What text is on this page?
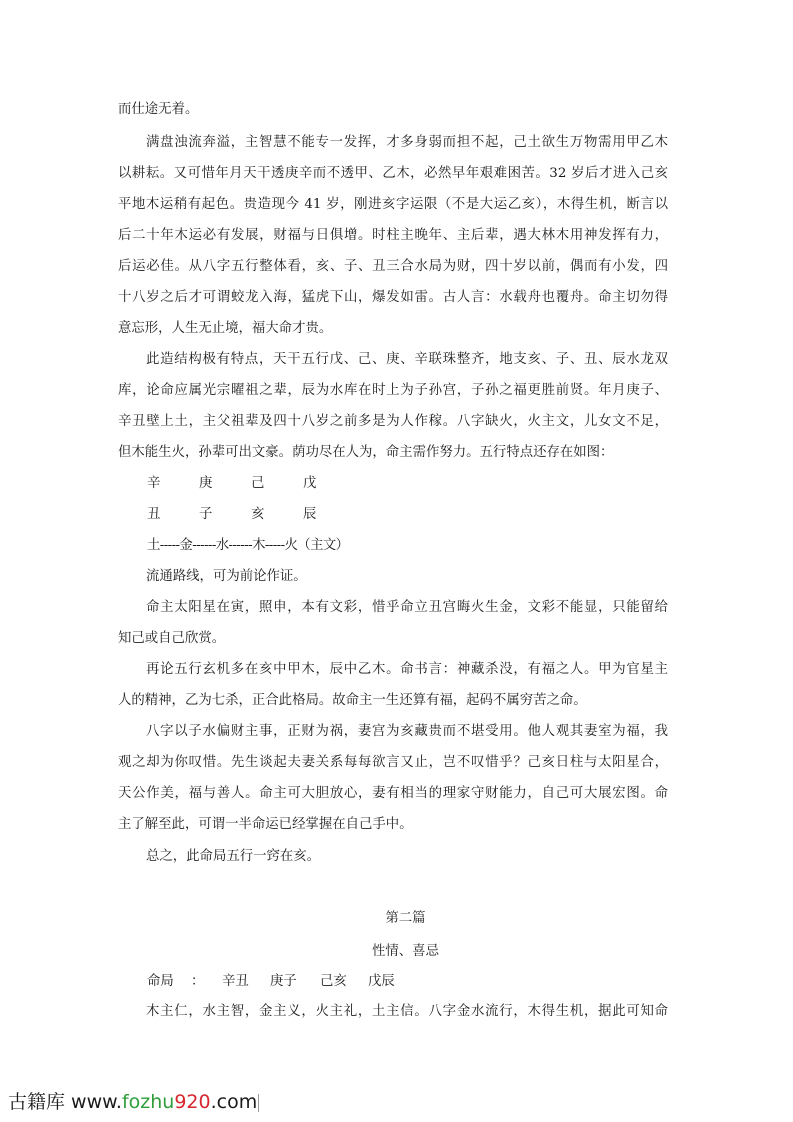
而仕途无着。
满盘浊流奔溢，主智慧不能专一发挥，才多身弱而担不起，己土欲生万物需用甲乙木
以耕耘。又可惜年月天干透庚辛而不透甲、乙木，必然早年艰难困苦。32 岁后才进入己亥
平地木运稍有起色。贵造现今 41 岁，刚进亥字运限（不是大运乙亥），木得生机，断言以
后二十年木运必有发展，财福与日俱增。时柱主晚年、主后辈，遇大林木用神发挥有力，
后运必佳。从八字五行整体看，亥、子、丑三合水局为财，四十岁以前，偶而有小发，四
十八岁之后才可谓蛟龙入海，猛虎下山，爆发如雷。古人言：水载舟也覆舟。命主切勿得
意忘形，人生无止境，福大命才贵。
此造结构极有特点，天干五行戊、己、庚、辛联珠整齐，地支亥、子、丑、辰水龙双
库，论命应属光宗曜祖之辈，辰为水库在时上为子孙宫，子孙之福更胜前贤。年月庚子、
辛丑壁上土，主父祖辈及四十八岁之前多是为人作稼。八字缺火，火主文，儿女文不足，
但木能生火，孙辈可出文豪。荫功尽在人为，命主需作努力。五行特点还存在如图：
辛	庚	己	戊
丑	子	亥	辰
土-----金------水------木-----火（主文）
流通路线，可为前论作证。
命主太阳星在寅，照申，本有文彩，惜乎命立丑宫晦火生金，文彩不能显，只能留给
知己或自己欣赏。
再论五行玄机多在亥中甲木，辰中乙木。命书言：神藏杀没，有福之人。甲为官星主
人的精神，乙为七杀，正合此格局。故命主一生还算有福，起码不属穷苦之命。
八字以子水偏财主事，正财为祸，妻宫为亥藏贵而不堪受用。他人观其妻室为福，我
观之却为你叹惜。先生谈起夫妻关系每每欲言又止，岂不叹惜乎？己亥日柱与太阳星合，
天公作美，福与善人。命主可大胆放心，妻有相当的理家守财能力，自己可大展宏图。命
主了解至此，可谓一半命运已经掌握在自己手中。
总之，此命局五行一窍在亥。
第二篇
性情、喜忌
命局 ： 辛丑 庚子 己亥 戊辰
木主仁，水主智，金主义，火主礼，土主信。八字金水流行，木得生机，据此可知命
古籍库 www.fozhu920.com
